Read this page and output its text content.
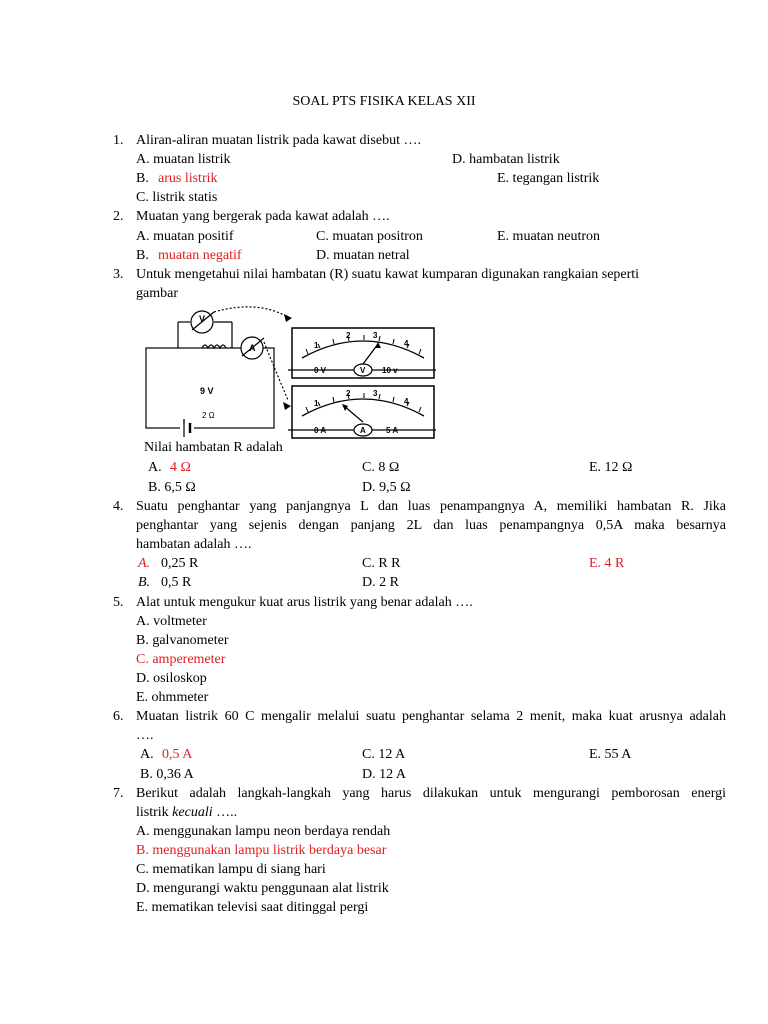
SOAL PTS FISIKA KELAS XII
1. Aliran-aliran muatan listrik pada kawat disebut ….
A. muatan listrik	D. hambatan listrik
B. arus listrik	E. tegangan listrik
C. listrik statis
2. Muatan yang bergerak pada kawat adalah ….
A. muatan positif	C. muatan positron	E. muatan neutron
B. muatan negatif	D. muatan netral
3. Untuk mengetahui nilai hambatan (R) suatu kawat kumparan digunakan rangkaian seperti
gambar
V
A
9 V
2 Ω
1
2	3
4
V
0 V	10 v
1
2	3
4
A
0 A	5 A
Nilai hambatan R adalah
A. 4 Ω	C. 8 Ω	E. 12 Ω
B. 6,5 Ω	D. 9,5 Ω
4. Suatu penghantar yang panjangnya L dan luas penampangnya A, memiliki hambatan R. Jika
penghantar yang sejenis dengan panjang 2L dan luas penampangnya 0,5A maka besarnya
hambatan adalah ….
A. 0,25 R	C. R R	E. 4 R
B. 0,5 R	D. 2 R
5. Alat untuk mengukur kuat arus listrik yang benar adalah ….
A. voltmeter
B. galvanometer
C. amperemeter
D. osiloskop
E. ohmmeter
6. Muatan listrik 60 C mengalir melalui suatu penghantar selama 2 menit, maka kuat arusnya adalah
….
A. 0,5 A	C. 12 A	E. 55 A
B. 0,36 A	D. 12 A
7. Berikut adalah langkah-langkah yang harus dilakukan untuk mengurangi pemborosan energi
listrik kecuali …..
A. menggunakan lampu neon berdaya rendah
B. menggunakan lampu listrik berdaya besar
C. mematikan lampu di siang hari
D. mengurangi waktu penggunaan alat listrik
E. mematikan televisi saat ditinggal pergi
